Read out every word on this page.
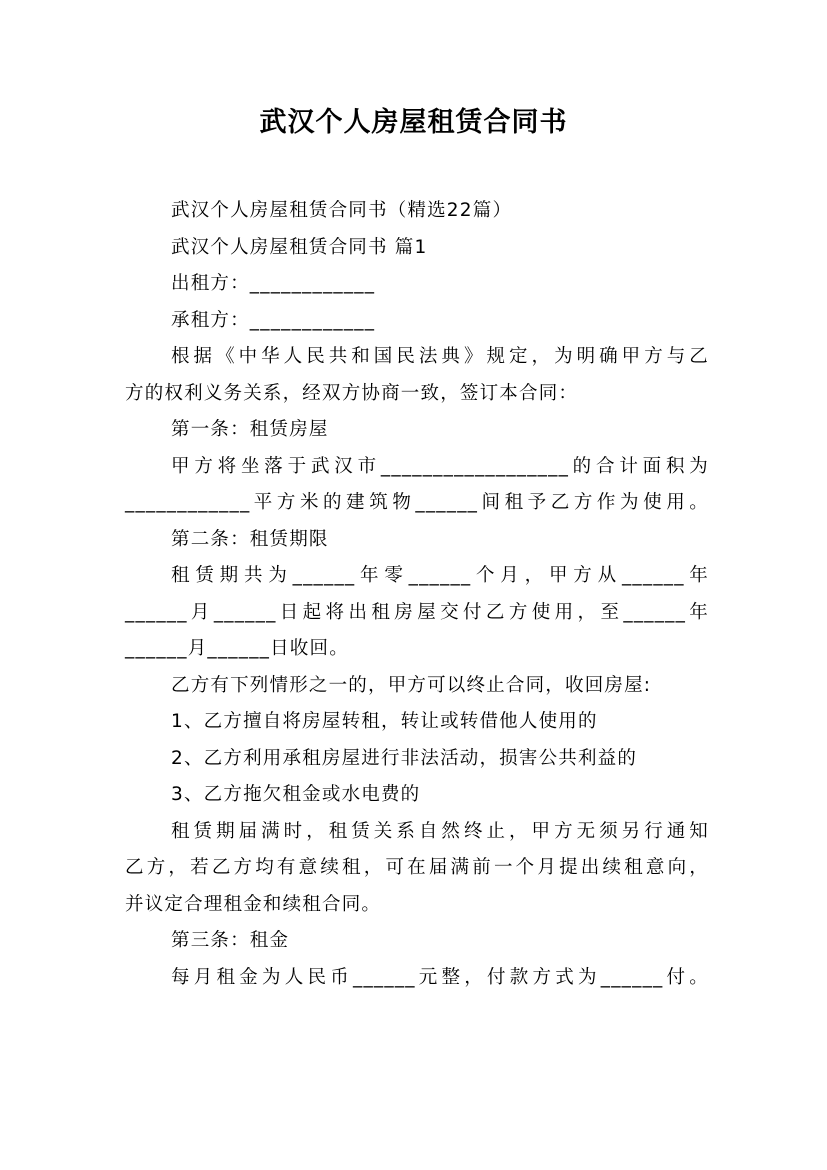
武汉个人房屋租赁合同书

武汉个人房屋租赁合同书（精选22篇）

武汉个人房屋租赁合同书 篇1

出租方：____________

承租方：____________

根据《中华人民共和国民法典》规定，为明确甲方与乙

方的权利义务关系，经双方协商一致，签订本合同：

第一条：租赁房屋

甲方将坐落于武汉市__________________的合计面积为

____________平方米的建筑物______间租予乙方作为使用。

第二条：租赁期限

租赁期共为______年零______个月，甲方从______年

______月______日起将出租房屋交付乙方使用，至______年

______月______日收回。

乙方有下列情形之一的，甲方可以终止合同，收回房屋:

1、乙方擅自将房屋转租，转让或转借他人使用的

2、乙方利用承租房屋进行非法活动，损害公共利益的

3、乙方拖欠租金或水电费的

租赁期届满时，租赁关系自然终止，甲方无须另行通知

乙方，若乙方均有意续租，可在届满前一个月提出续租意向，

并议定合理租金和续租合同。

第三条：租金

每月租金为人民币______元整，付款方式为______付。
